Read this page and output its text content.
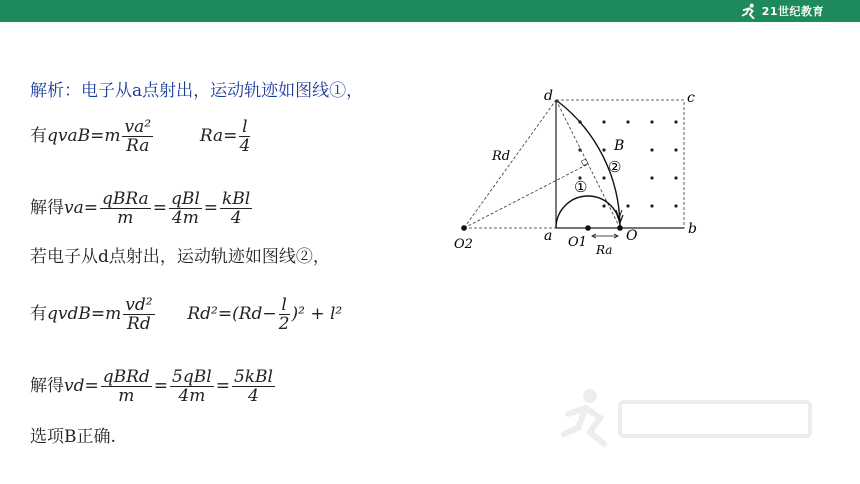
21世纪教育
解析：电子从a点射出，运动轨迹如图线①，
有qvaB=m $\frac{\text{va²}}{Ra}$	$Ra= \frac{l}{4}$
解得$va= \frac{\text{qBRa}}{m} = \frac{\text{qBl}}{4m} = \frac{\text{kBl}}{4}$
若电子从d点射出，运动轨迹如图线②，
有qvdB=m $\frac{\text{vd²}}{Rd} Rd^2=(Rd- \frac{l}{2} )^2 + l^2$
解得$vd= \frac{\text{qBRd}}{m} = \frac{\text{5qBl}}{4m} = \frac{\text{5kBl}}{4}$
选项B正确.
d	c
b
a	O
O1
O2
B
Rd
Ra
②
①
